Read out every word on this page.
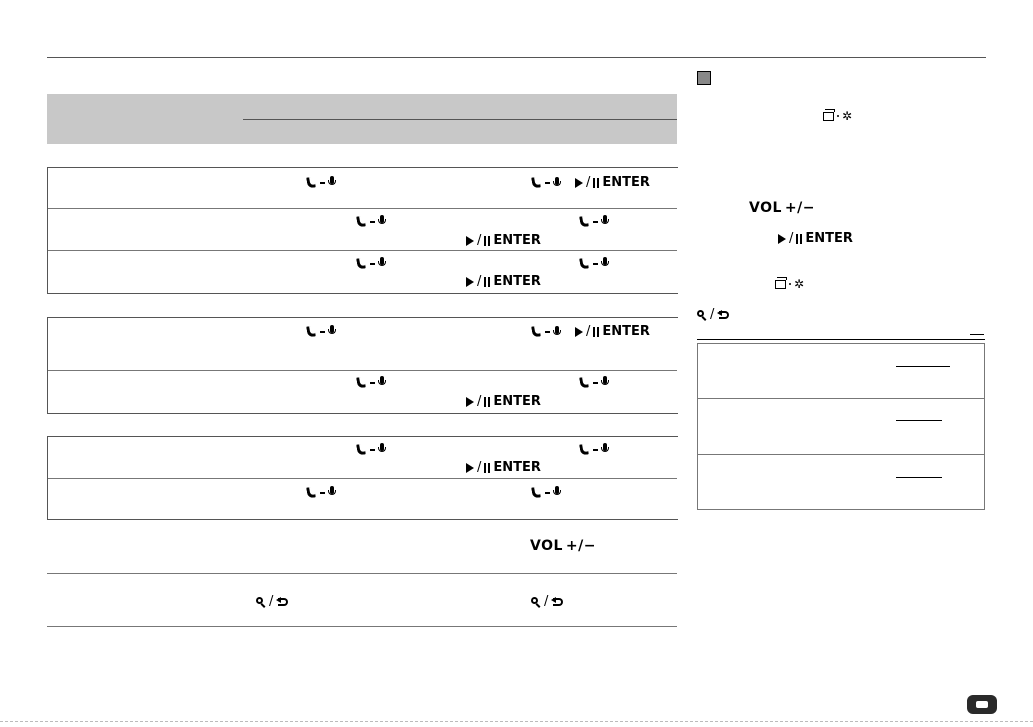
/ ENTER
/ ENTER
/ ENTER
/ ENTER
/ ENTER
/ ENTER
VOL +/−
/	/
✲
VOL +/−
/ ENTER
✲
/
